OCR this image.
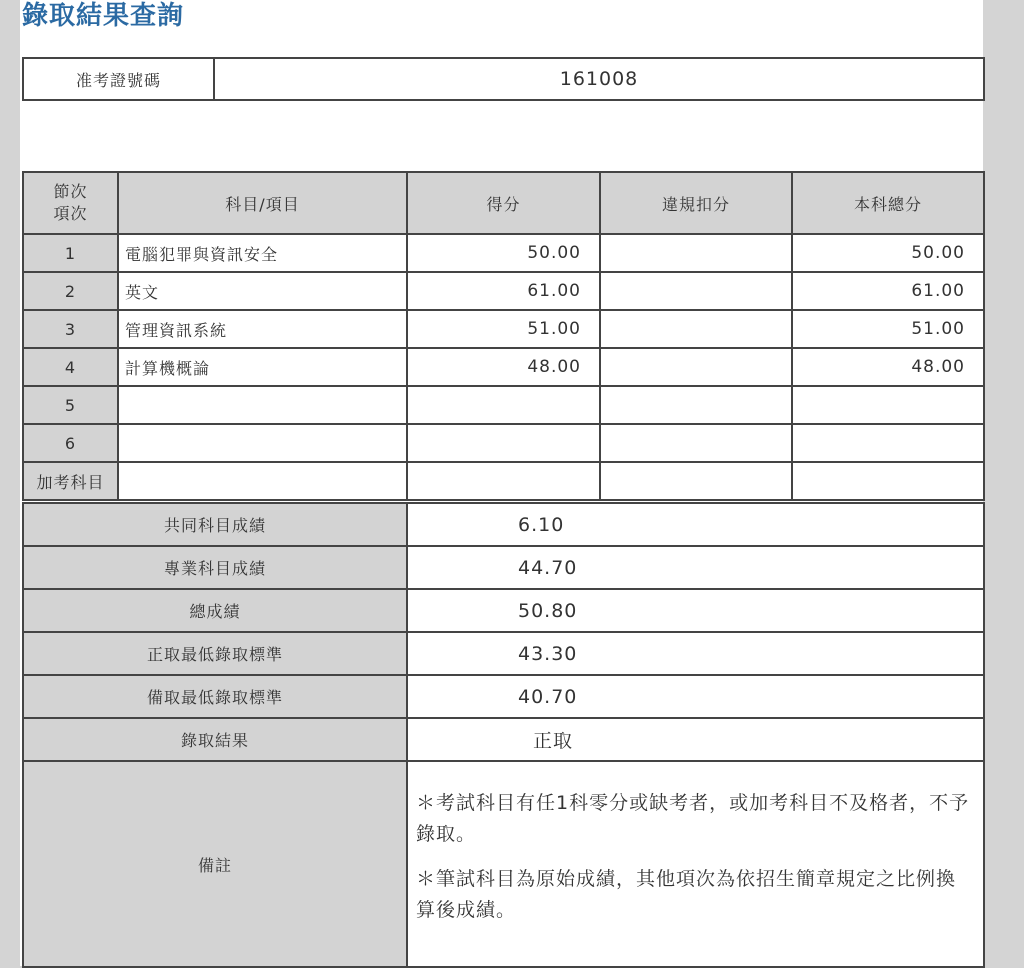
錄取結果查詢
准考證號碼	161008
節次
項次	科目/項目	得分	違規扣分	本科總分
1	電腦犯罪與資訊安全	50.00		50.00
2	英文	61.00		61.00
3	管理資訊系統	51.00		51.00
4	計算機概論	48.00		48.00
5				
6				
加考科目				
共同科目成績	6.10
專業科目成績	44.70
總成績	50.80
正取最低錄取標準	43.30
備取最低錄取標準	40.70
錄取結果	正取
備註	＊考試科目有任1科零分或缺考者，或加考科目不及格者，不予錄取。

＊筆試科目為原始成績，其他項次為依招生簡章規定之比例換算後成績。
